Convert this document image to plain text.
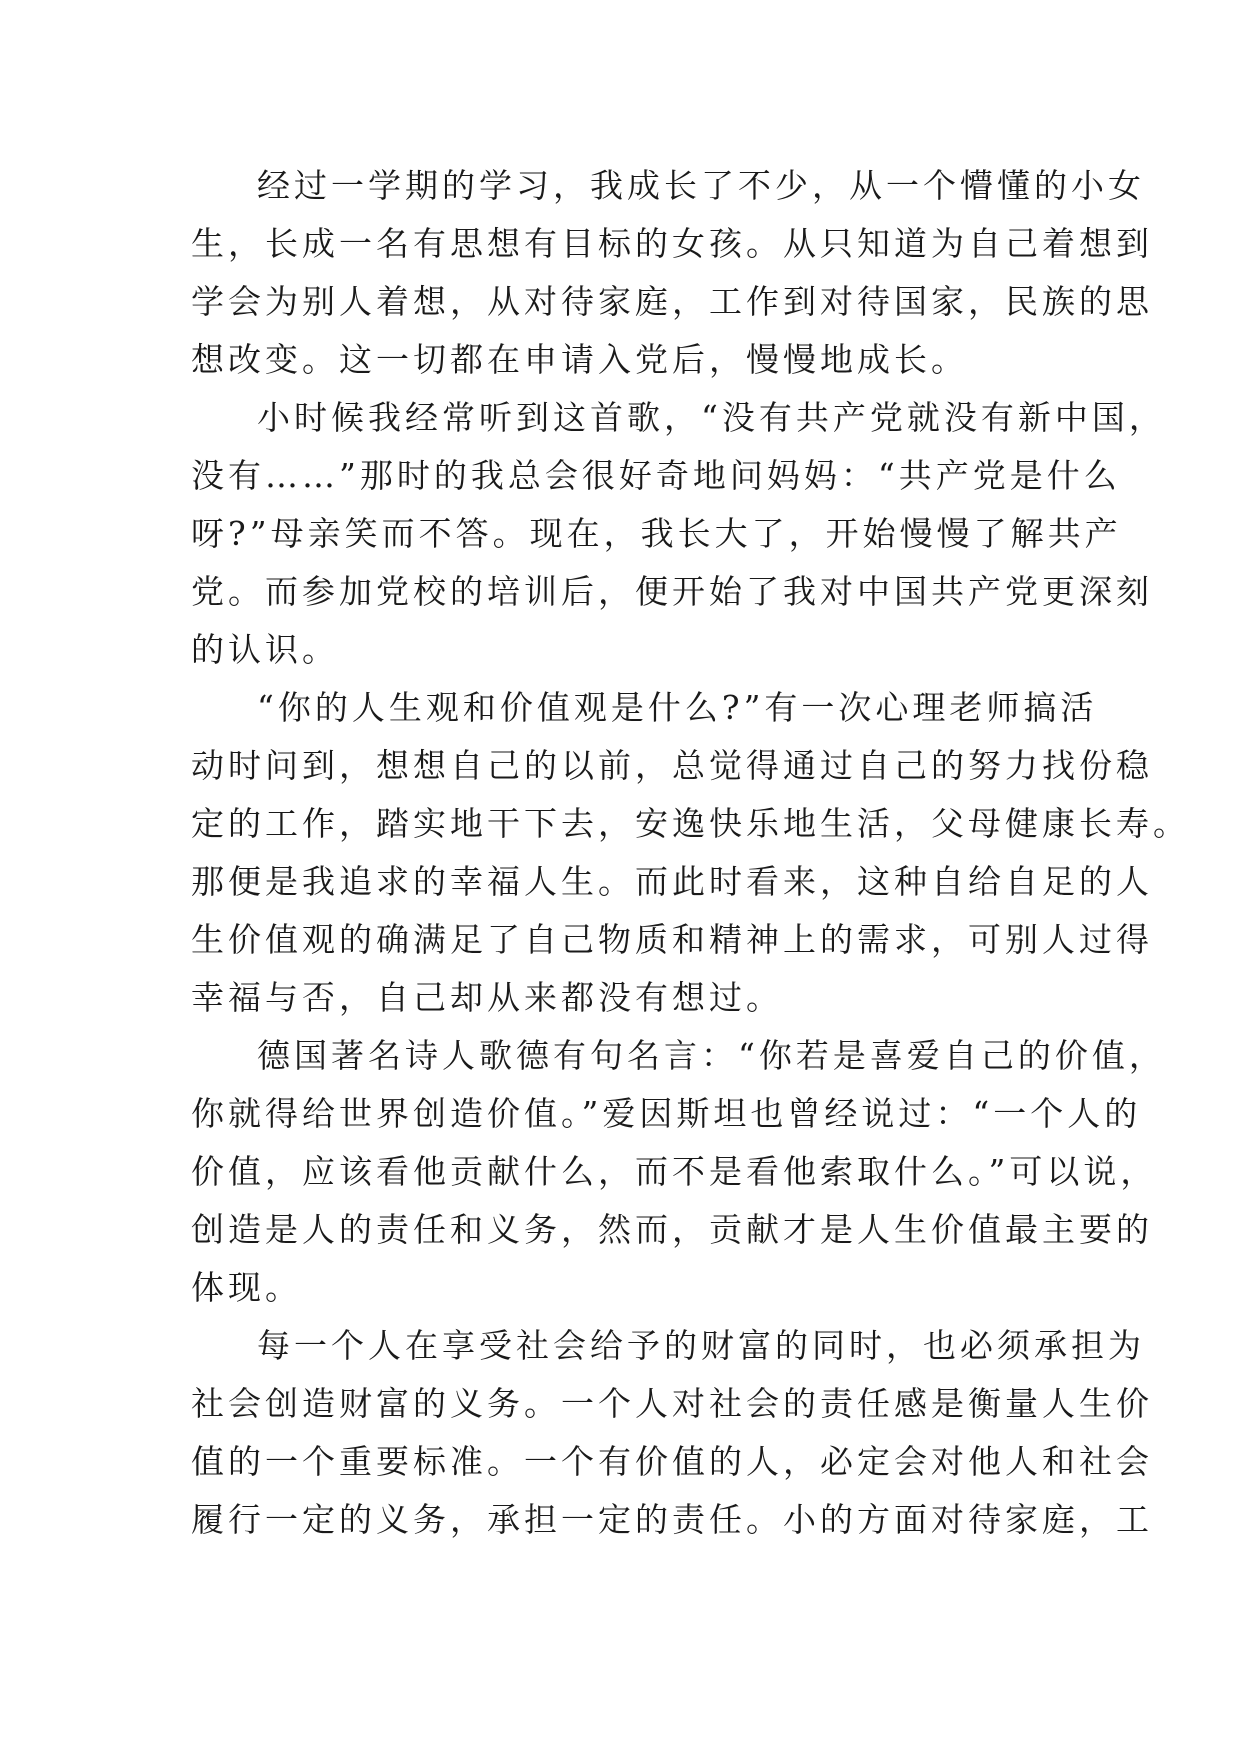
经过一学期的学习，我成长了不少，从一个懵懂的小女
生，长成一名有思想有目标的女孩。从只知道为自己着想到
学会为别人着想，从对待家庭，工作到对待国家，民族的思
想改变。这一切都在申请入党后，慢慢地成长。

小时候我经常听到这首歌，“没有共产党就没有新中国，
没有……”那时的我总会很好奇地问妈妈：“共产党是什么
呀?”母亲笑而不答。现在，我长大了，开始慢慢了解共产
党。而参加党校的培训后，便开始了我对中国共产党更深刻
的认识。

“你的人生观和价值观是什么?”有一次心理老师搞活
动时问到，想想自己的以前，总觉得通过自己的努力找份稳
定的工作，踏实地干下去，安逸快乐地生活，父母健康长寿。
那便是我追求的幸福人生。而此时看来，这种自给自足的人
生价值观的确满足了自己物质和精神上的需求，可别人过得
幸福与否，自己却从来都没有想过。

德国著名诗人歌德有句名言：“你若是喜爱自己的价值，
你就得给世界创造价值。”爱因斯坦也曾经说过：“一个人的
价值，应该看他贡献什么，而不是看他索取什么。”可以说，
创造是人的责任和义务，然而，贡献才是人生价值最主要的
体现。

每一个人在享受社会给予的财富的同时，也必须承担为
社会创造财富的义务。一个人对社会的责任感是衡量人生价
值的一个重要标准。一个有价值的人，必定会对他人和社会
履行一定的义务，承担一定的责任。小的方面对待家庭，工
